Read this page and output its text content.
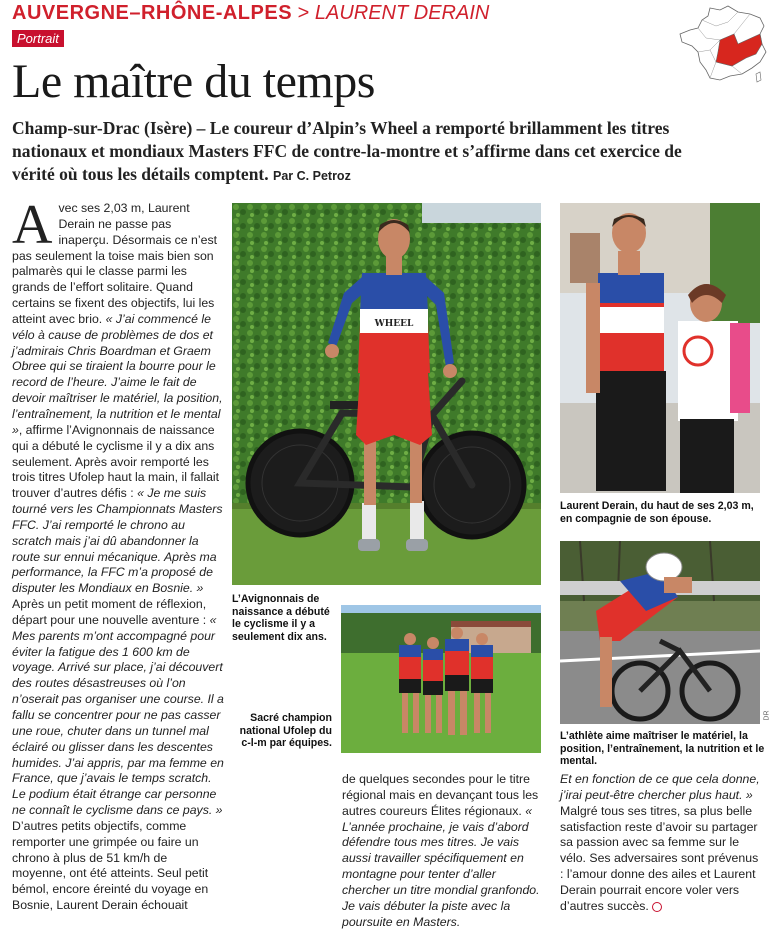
AUVERGNE–RHÔNE-ALPES > LAURENT DERAIN
Portrait
Le maître du temps
Champ-sur-Drac (Isère) – Le coureur d’Alpin’s Wheel a remporté brillamment les titres nationaux et mondiaux Masters FFC de contre-la-montre et s’affirme dans cet exercice de vérité où tous les détails comptent. Par C. Petroz
A vec ses 2,03 m, Laurent Derain ne passe pas inaperçu. Désormais ce n’est pas seulement la toise mais bien son palmarès qui le classe parmi les grands de l’effort solitaire. Quand certains se fixent des objectifs, lui les atteint avec brio. « J’ai commencé le vélo à cause de problèmes de dos et j’admirais Chris Boardman et Graem Obree qui se tiraient la bourre pour le record de l’heure. J’aime le fait de devoir maîtriser le matériel, la position, l’entraînement, la nutrition et le mental », affirme l’Avignonnais de naissance qui a débuté le cyclisme il y a dix ans seulement. Après avoir remporté les trois titres Ufolep haut la main, il fallait trouver d’autres défis : « Je me suis tourné vers les Championnats Masters FFC. J’ai remporté le chrono au scratch mais j’ai dû abandonner la route sur ennui mécanique. Après ma performance, la FFC m’a proposé de disputer les Mondiaux en Bosnie. » Après un petit moment de réflexion, départ pour une nouvelle aventure : « Mes parents m’ont accompagné pour éviter la fatigue des 1 600 km de voyage. Arrivé sur place, j’ai découvert des routes désastreuses où l’on n’oserait pas organiser une course. Il a fallu se concentrer pour ne pas casser une roue, chuter dans un tunnel mal éclairé ou glisser dans les descentes humides. J’ai appris, par ma femme en France, que j’avais le temps scratch. Le podium était étrange car personne ne connaît le cyclisme dans ce pays. » D’autres petits objectifs, comme remporter une grimpée ou faire un chrono à plus de 51 km/h de moyenne, ont été atteints. Seul petit bémol, encore éreinté du voyage en Bosnie, Laurent Derain échouait
WHEEL
L’Avignonnais de naissance a débuté le cyclisme il y a seulement dix ans.
Sacré champion national Ufolep du c-l-m par équipes.
Laurent Derain, du haut de ses 2,03 m, en compagnie de son épouse.
DR
L’athlète aime maîtriser le matériel, la position, l’entraînement, la nutrition et le mental.
de quelques secondes pour le titre régional mais en devançant tous les autres coureurs Élites régionaux. « L’année prochaine, je vais d’abord défendre tous mes titres. Je vais aussi travailler spécifiquement en montagne pour tenter d’aller chercher un titre mondial granfondo. Je vais débuter la piste avec la poursuite en Masters.
Et en fonction de ce que cela donne, j’irai peut-être chercher plus haut. » Malgré tous ses titres, sa plus belle satisfaction reste d’avoir su partager sa passion avec sa femme sur le vélo. Ses adversaires sont prévenus : l’amour donne des ailes et Laurent Derain pourrait encore voler vers d’autres succès.
